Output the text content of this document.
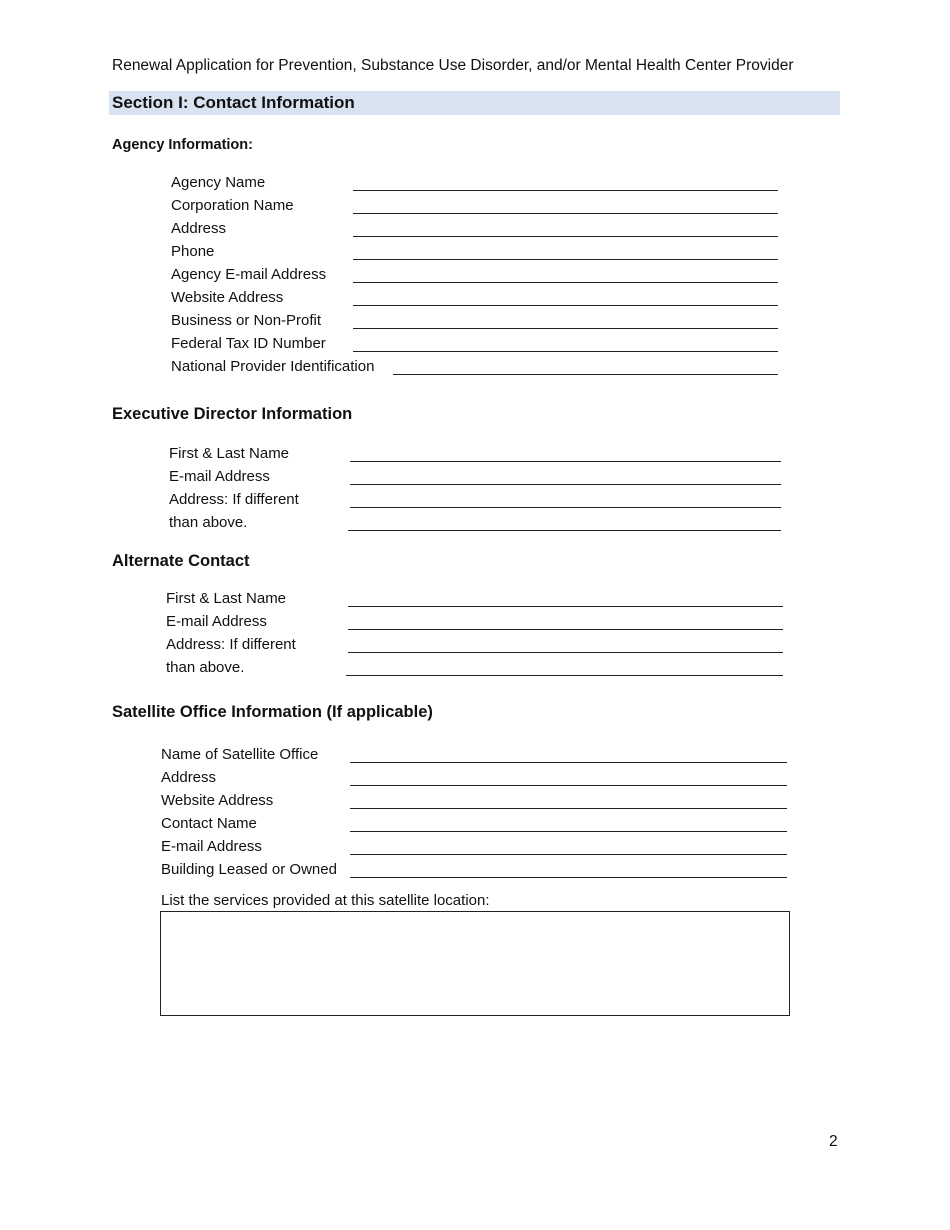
Renewal Application for Prevention, Substance Use Disorder, and/or Mental Health Center Provider
Section I: Contact Information
Agency Information:
Agency Name
Corporation Name
Address
Phone
Agency E-mail Address
Website Address
Business or Non-Profit
Federal Tax ID Number
National Provider Identification
Executive Director Information
First & Last Name
E-mail Address
Address: If different
than above.
Alternate Contact
First & Last Name
E-mail Address
Address: If different
than above.
Satellite Office Information (If applicable)
Name of Satellite Office
Address
Website Address
Contact Name
E-mail Address
Building Leased or Owned
List the services provided at this satellite location:
2
